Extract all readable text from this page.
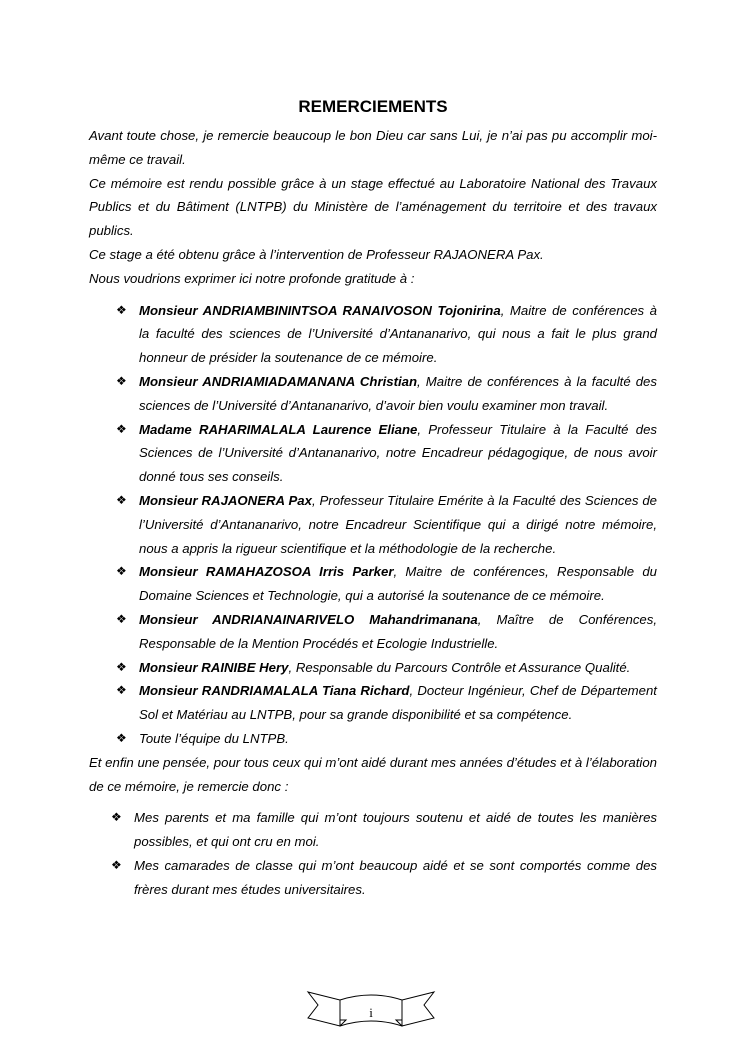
REMERCIEMENTS

Avant toute chose, je remercie beaucoup le bon Dieu car sans Lui, je n’ai pas pu accomplir moi-même ce travail.

Ce mémoire est rendu possible grâce à un stage effectué au Laboratoire National des Travaux Publics et du Bâtiment (LNTPB) du Ministère de l’aménagement du territoire et des travaux publics.

Ce stage a été obtenu grâce à l’intervention de Professeur RAJAONERA Pax.

Nous voudrions exprimer ici notre profonde gratitude à :

❖ Monsieur ANDRIAMBININTSOA RANAIVOSON Tojonirina, Maitre de conférences à la faculté des sciences de l’Université d’Antananarivo, qui nous a fait le plus grand honneur de présider la soutenance de ce mémoire.
❖ Monsieur ANDRIAMIADAMANANA Christian, Maitre de conférences à la faculté des sciences de l’Université d’Antananarivo, d’avoir bien voulu examiner mon travail.
❖ Madame RAHARIMALALA Laurence Eliane, Professeur Titulaire à la Faculté des Sciences de l’Université d’Antananarivo, notre Encadreur pédagogique, de nous avoir donné tous ses conseils.
❖ Monsieur RAJAONERA Pax, Professeur Titulaire Emérite à la Faculté des Sciences de l’Université d’Antananarivo, notre Encadreur Scientifique qui a dirigé notre mémoire, nous a appris la rigueur scientifique et la méthodologie de la recherche.
❖ Monsieur RAMAHAZOSOA Irris Parker, Maitre de conférences, Responsable du Domaine Sciences et Technologie, qui a autorisé la soutenance de ce mémoire.
❖ Monsieur ANDRIANAINARIVELO Mahandrimanana, Maître de Conférences, Responsable de la Mention Procédés et Ecologie Industrielle.
❖ Monsieur RAINIBE Hery, Responsable du Parcours Contrôle et Assurance Qualité.
❖ Monsieur RANDRIAMALALA Tiana Richard, Docteur Ingénieur, Chef de Département Sol et Matériau au LNTPB, pour sa grande disponibilité et sa compétence.
❖ Toute l’équipe du LNTPB.

Et enfin une pensée, pour tous ceux qui m’ont aidé durant mes années d’études et à l’élaboration de ce mémoire, je remercie donc :

❖ Mes parents et ma famille qui m’ont toujours soutenu et aidé de toutes les manières possibles, et qui ont cru en moi.
❖ Mes camarades de classe qui m’ont beaucoup aidé et se sont comportés comme des frères durant mes études universitaires.
i
